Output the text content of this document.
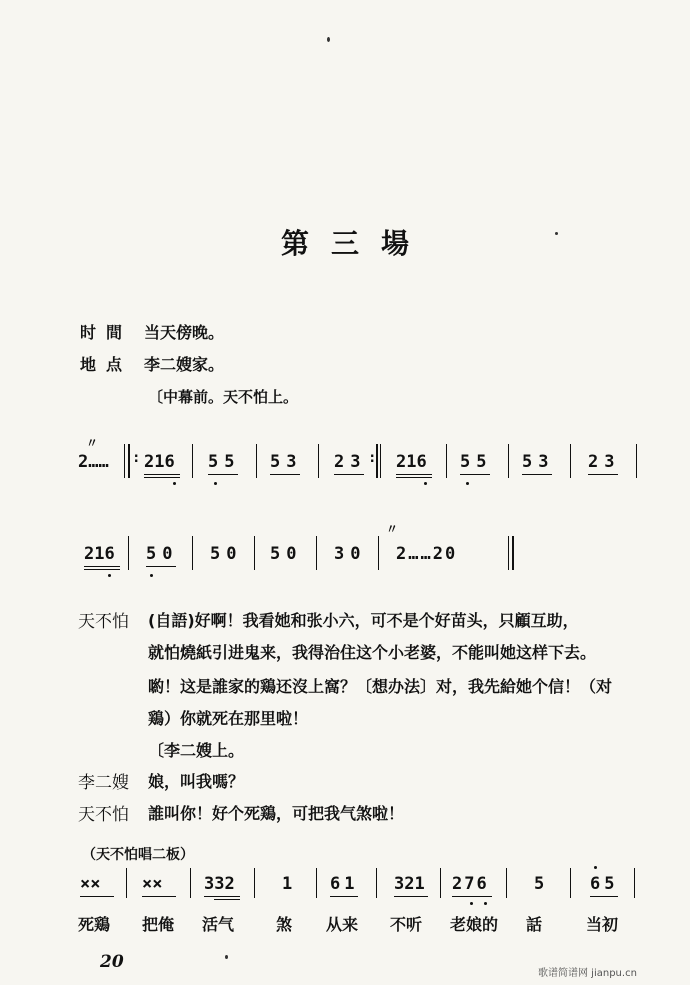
第三場
时間 当天傍晚。
地点 李二嫂家。
〔中幕前。天不怕上。
〃
2…… : 216 55 53 23 : 216 55 53 23
216 50 50 50 30
〃
2……20
天不怕 (自語)好啊！我看她和张小六，可不是个好苗头，只顧互助，
就怕燒紙引进鬼来，我得治住这个小老婆，不能叫她这样下去。
喲！这是誰家的鶏还沒上窩？〔想办法〕对，我先給她个信！（对
鶏）你就死在那里啦！
〔李二嫂上。
李二嫂 娘，叫我嗎？
天不怕 誰叫你！好个死鶏，可把我气煞啦！
（天不怕唱二板）
×× ×× 332	1 61 321 276	5	65
死鶏 把俺 活气	煞 从来 不听 老娘的 話	当初
20
歌谱简谱网 jianpu.cn
